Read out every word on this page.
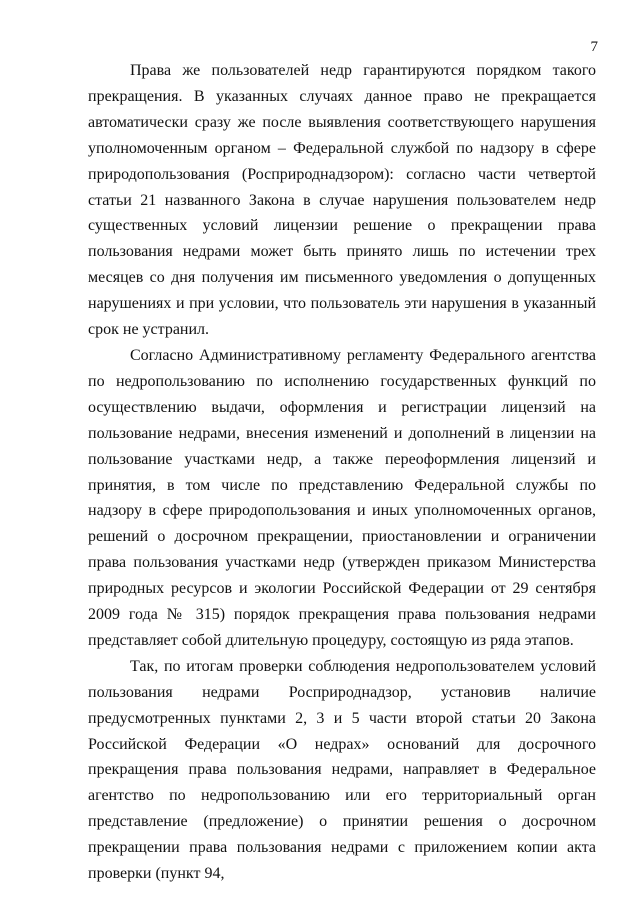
7

Права же пользователей недр гарантируются порядком такого прекращения. В указанных случаях данное право не прекращается автоматически сразу же после выявления соответствующего нарушения уполномоченным органом – Федеральной службой по надзору в сфере природопользования (Росприроднадзором): согласно части четвертой статьи 21 названного Закона в случае нарушения пользователем недр существенных условий лицензии решение о прекращении права пользования недрами может быть принято лишь по истечении трех месяцев со дня получения им письменного уведомления о допущенных нарушениях и при условии, что пользователь эти нарушения в указанный срок не устранил.

Согласно Административному регламенту Федерального агентства по недропользованию по исполнению государственных функций по осуществлению выдачи, оформления и регистрации лицензий на пользование недрами, внесения изменений и дополнений в лицензии на пользование участками недр, а также переоформления лицензий и принятия, в том числе по представлению Федеральной службы по надзору в сфере природопользования и иных уполномоченных органов, решений о досрочном прекращении, приостановлении и ограничении права пользования участками недр (утвержден приказом Министерства природных ресурсов и экологии Российской Федерации от 29 сентября 2009 года № 315) порядок прекращения права пользования недрами представляет собой длительную процедуру, состоящую из ряда этапов.

Так, по итогам проверки соблюдения недропользователем условий пользования недрами Росприроднадзор, установив наличие предусмотренных пунктами 2, 3 и 5 части второй статьи 20 Закона Российской Федерации «О недрах» оснований для досрочного прекращения права пользования недрами, направляет в Федеральное агентство по недропользованию или его территориальный орган представление (предложение) о принятии решения о досрочном прекращении права пользования недрами с приложением копии акта проверки (пункт 94,
